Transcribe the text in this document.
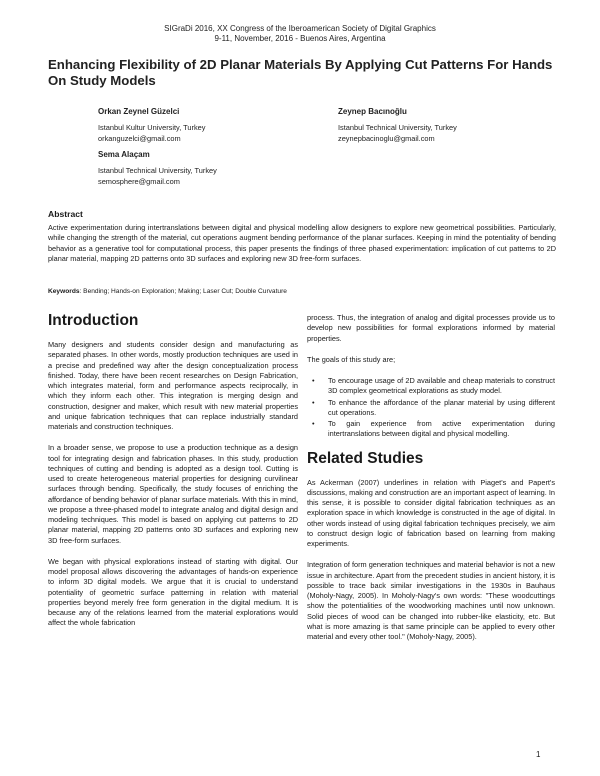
SIGraDi 2016, XX Congress of the Iberoamerican Society of Digital Graphics
9-11, November, 2016 - Buenos Aires, Argentina
Enhancing Flexibility of 2D Planar Materials By Applying Cut Patterns For Hands On Study Models
Orkan Zeynel Güzelci
Istanbul Kultur University, Turkey
orkanguzelci@gmail.com
Zeynep Bacınoğlu
Istanbul Technical University, Turkey
zeynepbacinoglu@gmail.com
Sema Alaçam
Istanbul Technical University, Turkey
semosphere@gmail.com
Abstract
Active experimentation during intertranslations between digital and physical modelling allow designers to explore new geometrical possibilities. Particularly, while changing the strength of the material, cut operations augment bending performance of the planar surfaces. Keeping in mind the potentiality of bending behavior as a generative tool for computational process, this paper presents the findings of three phased experimentation: implication of cut patterns to 2D planar material, mapping 2D patterns onto 3D surfaces and exploring new 3D free-form surfaces.
Keywords: Bending; Hands-on Exploration; Making; Laser Cut; Double Curvature
Introduction

Many designers and students consider design and manufacturing as separated phases. In other words, mostly production techniques are used in a precise and predefined way after the design conceptualization process finished. Today, there have been recent researches on Design Fabrication, which integrates material, form and performance aspects reciprocally, in which they inform each other. This integration is merging design and construction, designer and maker, which result with new material properties and unique fabrication techniques that can replace industrially standard materials and construction techniques.

In a broader sense, we propose to use a production technique as a design tool for integrating design and fabrication phases. In this study, production techniques of cutting and bending is adopted as a design tool. Cutting is used to create heterogeneous material properties for designing curvilinear surfaces through bending. Specifically, the study focuses of enriching the affordance of bending behavior of planar surface materials. With this in mind, we propose a three-phased model to integrate analog and digital design and modeling techniques. This model is based on applying cut patterns to 2D planar material, mapping 2D patterns onto 3D surfaces and exploring new 3D free-form surfaces.

We began with physical explorations instead of starting with digital. Our model proposal allows discovering the advantages of hands-on experience to inform 3D digital models. We argue that it is crucial to understand potentiality of geometric surface patterning in relation with material properties beyond merely free form generation in the digital medium. It is because any of the relations learned from the material explorations would affect the whole fabrication

process. Thus, the integration of analog and digital processes provide us to develop new possibilities for formal explorations informed by material properties.

The goals of this study are;

• To encourage usage of 2D available and cheap materials to construct 3D complex geometrical explorations as study model.
• To enhance the affordance of the planar material by using different cut operations.
• To gain experience from active experimentation during intertranslations between digital and physical modelling.
Related Studies

As Ackerman (2007) underlines in relation with Piaget's and Papert's discussions, making and construction are an important aspect of learning. In this sense, it is possible to consider digital fabrication techniques as an exploration space in which knowledge is constructed in the age of digital. In other words instead of using digital fabrication techniques precisely, we aim to construct design logic of fabrication based on learning from making experiments.

Integration of form generation techniques and material behavior is not a new issue in architecture. Apart from the precedent studies in ancient history, it is possible to trace back similar investigations in the 1930s in Bauhaus (Moholy-Nagy, 2005). In Moholy-Nagy's own words: "These woodcuttings show the potentialities of the woodworking machines until now unknown. Solid pieces of wood can be changed into rubber-like elasticity, etc. But what is more amazing is that same principle can be applied to every other material and every other tool." (Moholy-Nagy, 2005).

1
